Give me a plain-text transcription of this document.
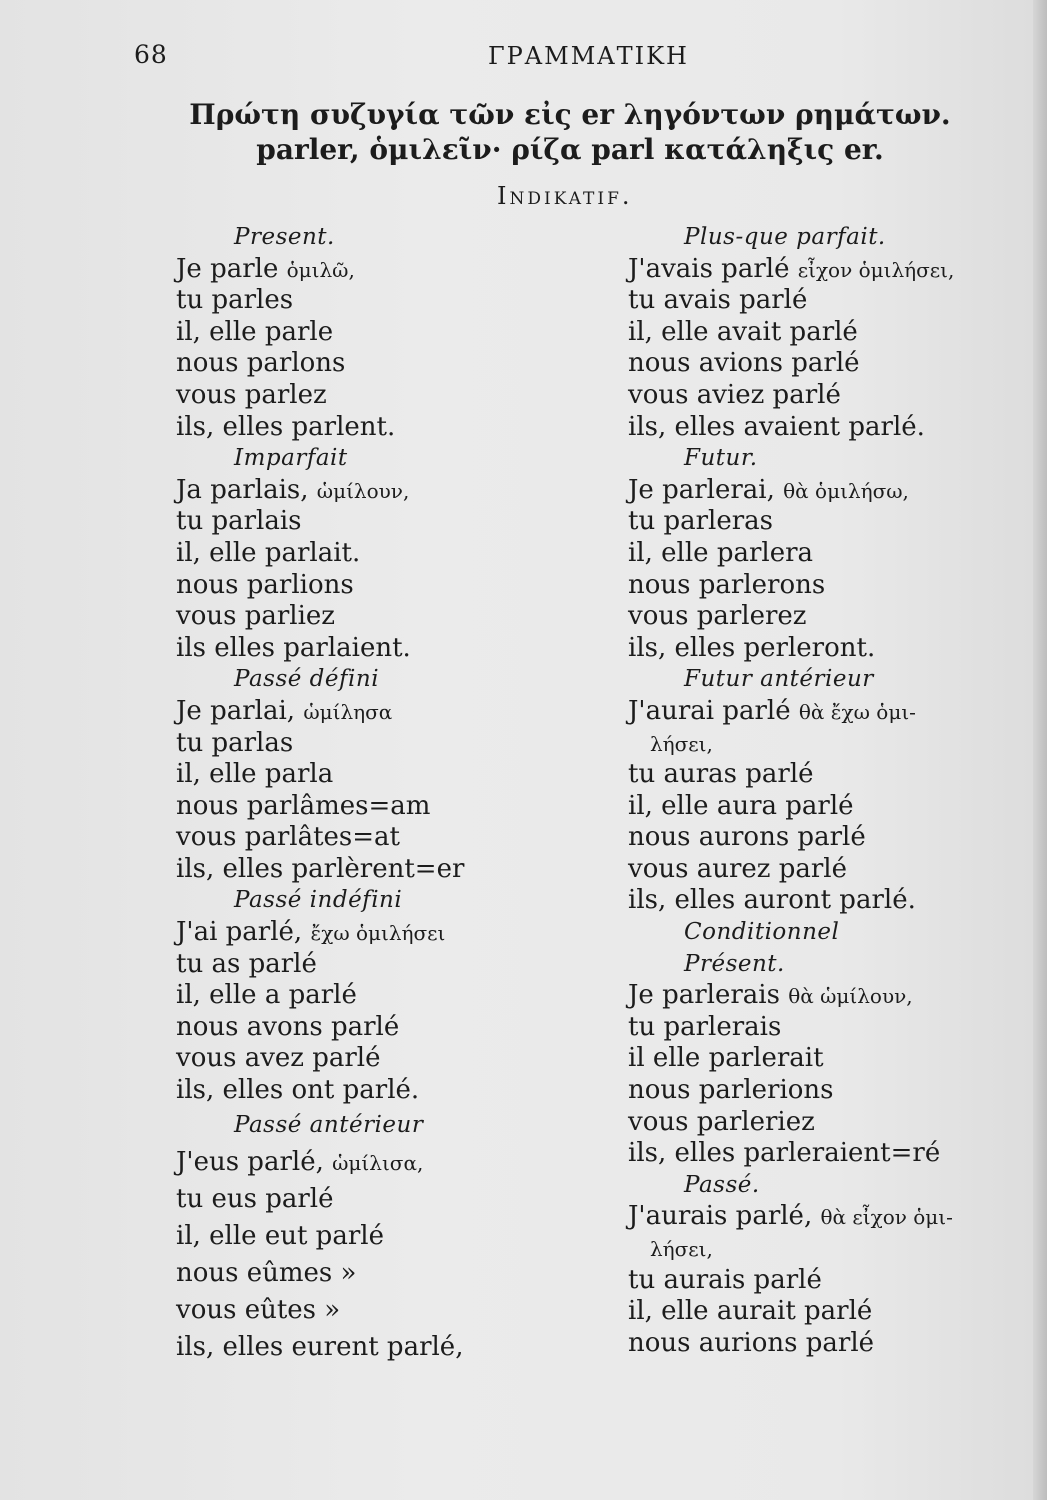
68	ΓΡΑΜΜΑΤΙΚΗ
Πρώτη συζυγία τῶν εἰς er ληγόντων ρημάτων.
parler, ὁμιλεῖν· ρίζα parl κατάληξις er.
Indikatif.
Present.
Je parle ὁμιλῶ,
tu parles
il, elle parle
nous parlons
vous parlez
ils, elles parlent.
Imparfait
Ja parlais, ὡμίλουν,
tu parlais
il, elle parlait.
nous parlions
vous parliez
ils elles parlaient.
Passé défini
Je parlai, ὡμίλησα
tu parlas
il, elle parla
nous parlâmes=am
vous parlâtes=at
ils, elles parlèrent=er
Passé indéfini
J'ai parlé, ἔχω ὁμιλήσει
tu as parlé
il, elle a parlé
nous avons parlé
vous avez parlé
ils, elles ont parlé.
Passé antérieur
J'eus parlé, ὡμίλισα,
tu eus parlé
il, elle eut parlé
nous eûmes »
vous eûtes »
ils, elles eurent parlé,
Plus-que parfait.
J'avais parlé εἶχον ὁμιλήσει,
tu avais parlé
il, elle avait parlé
nous avions parlé
vous aviez parlé
ils, elles avaient parlé.
Futur.
Je parlerai, θὰ ὁμιλήσω,
tu parleras
il, elle parlera
nous parlerons
vous parlerez
ils, elles perleront.
Futur antérieur
J'aurai parlé θὰ ἔχω ὁμι-
λήσει,
tu auras parlé
il, elle aura parlé
nous aurons parlé
vous aurez parlé
ils, elles auront parlé.
Conditionnel
Présent.
Je parlerais θὰ ὡμίλουν,
tu parlerais
il elle parlerait
nous parlerions
vous parleriez
ils, elles parleraient=ré
Passé.
J'aurais parlé, θὰ εἶχον ὁμι-
λήσει,
tu aurais parlé
il, elle aurait parlé
nous aurions parlé
